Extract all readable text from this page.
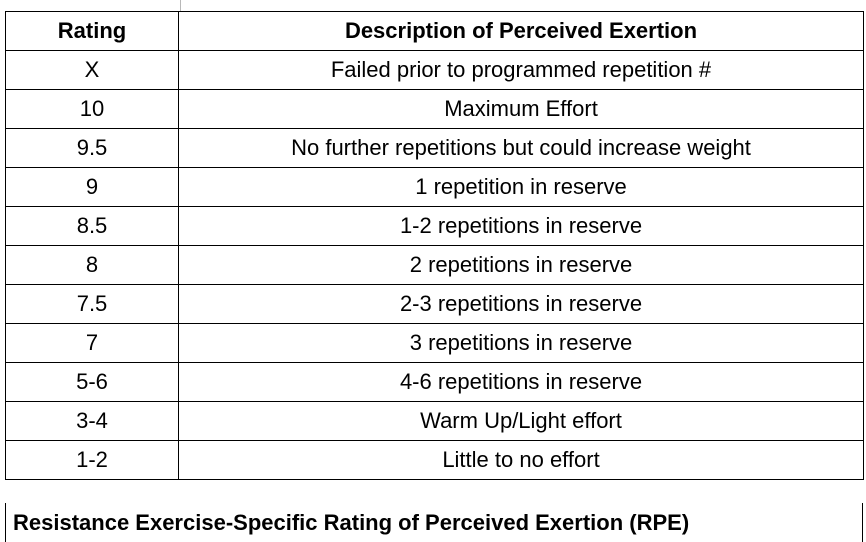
Rating	Description of Perceived Exertion
X	Failed prior to programmed repetition #
10	Maximum Effort
9.5	No further repetitions but could increase weight
9	1 repetition in reserve
8.5	1-2 repetitions in reserve
8	2 repetitions in reserve
7.5	2-3 repetitions in reserve
7	3 repetitions in reserve
5-6	4-6 repetitions in reserve
3-4	Warm Up/Light effort
1-2	Little to no effort
Resistance Exercise-Specific Rating of Perceived Exertion (RPE)
